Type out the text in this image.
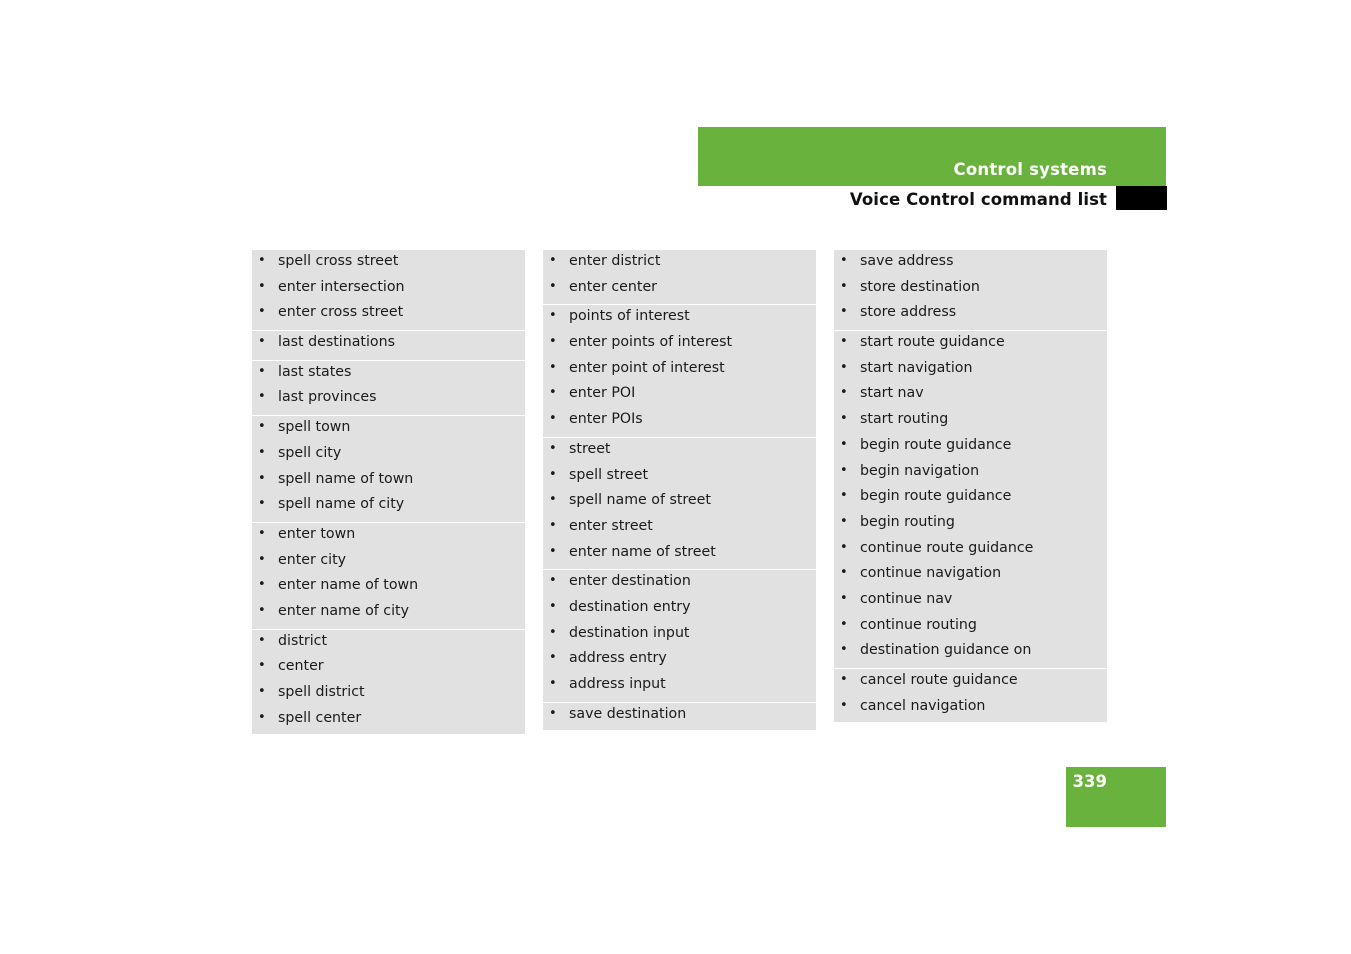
Control systems
Voice Control command list
• spell cross street
• enter intersection
• enter cross street
• last destinations
• last states
• last provinces
• spell town
• spell city
• spell name of town
• spell name of city
• enter town
• enter city
• enter name of town
• enter name of city
• district
• center
• spell district
• spell center
• enter district
• enter center
• points of interest
• enter points of interest
• enter point of interest
• enter POI
• enter POIs
• street
• spell street
• spell name of street
• enter street
• enter name of street
• enter destination
• destination entry
• destination input
• address entry
• address input
• save destination
• save address
• store destination
• store address
• start route guidance
• start navigation
• start nav
• start routing
• begin route guidance
• begin navigation
• begin route guidance
• begin routing
• continue route guidance
• continue navigation
• continue nav
• continue routing
• destination guidance on
• cancel route guidance
• cancel navigation
339
